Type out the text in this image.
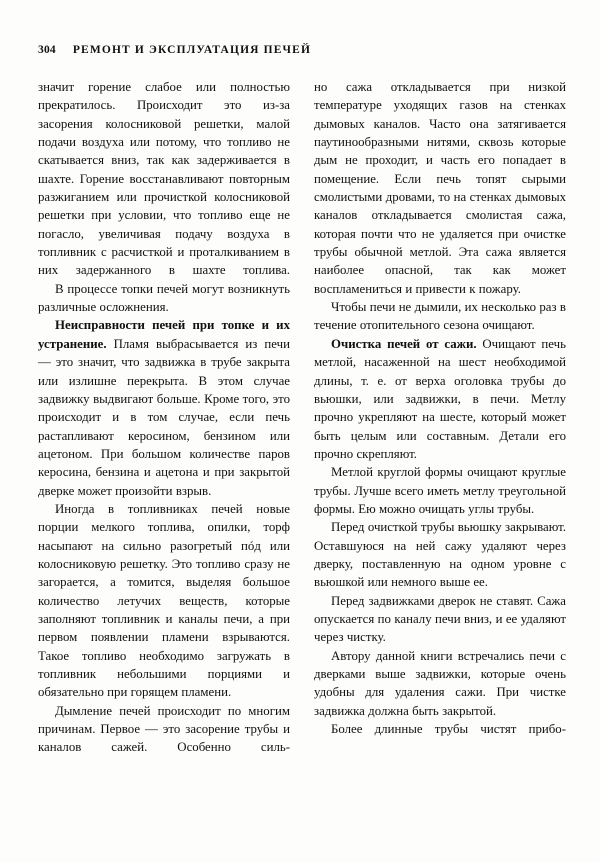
304 РЕМОНТ И ЭКСПЛУАТАЦИЯ ПЕЧЕЙ

значит горение слабое или полностью прекратилось. Происходит это из-за засорения колосниковой решетки, малой подачи воздуха или потому, что топливо не скатывается вниз, так как задерживается в шахте. Горение восстанавливают повторным разжиганием или прочисткой колосниковой решетки при условии, что топливо еще не погасло, увеличивая подачу воздуха в топливник с расчисткой и проталкиванием в них задержанного в шахте топлива.

В процессе топки печей могут возникнуть различные осложнения.

Неисправности печей при топке и их устранение. Пламя выбрасывается из печи — это значит, что задвижка в трубе закрыта или излишне перекрыта. В этом случае задвижку выдвигают больше. Кроме того, это происходит и в том случае, если печь растапливают керосином, бензином или ацетоном. При большом количестве паров керосина, бензина и ацетона и при закрытой дверке может произойти взрыв.

Иногда в топливниках печей новые порции мелкого топлива, опилки, торф насыпают на сильно разогретый пóд или колосниковую решетку. Это топливо сразу не загорается, а томится, выделяя большое количество летучих веществ, которые заполняют топливник и каналы печи, а при первом появлении пламени взрываются. Такое топливо необходимо загружать в топливник небольшими порциями и обязательно при горящем пламени.

Дымление печей происходит по многим причинам. Первое — это засорение трубы и каналов сажей. Особенно силь-

но сажа откладывается при низкой температуре уходящих газов на стенках дымовых каналов. Часто она затягивается паутинообразными нитями, сквозь которые дым не проходит, и часть его попадает в помещение. Если печь топят сырыми смолистыми дровами, то на стенках дымовых каналов откладывается смолистая сажа, которая почти что не удаляется при очистке трубы обычной метлой. Эта сажа является наиболее опасной, так как может воспламениться и привести к пожару.

Чтобы печи не дымили, их несколько раз в течение отопительного сезона очищают.

Очистка печей от сажи. Очищают печь метлой, насаженной на шест необходимой длины, т. е. от верха оголовка трубы до вьюшки, или задвижки, в печи. Метлу прочно укрепляют на шесте, который может быть целым или составным. Детали его прочно скрепляют.

Метлой круглой формы очищают круглые трубы. Лучше всего иметь метлу треугольной формы. Ею можно очищать углы трубы.

Перед очисткой трубы вьюшку закрывают. Оставшуюся на ней сажу удаляют через дверку, поставленную на одном уровне с вьюшкой или немного выше ее.

Перед задвижками дверок не ставят. Сажа опускается по каналу печи вниз, и ее удаляют через чистку.

Автору данной книги встречались печи с дверками выше задвижки, которые очень удобны для удаления сажи. При чистке задвижка должна быть закрытой.

Более длинные трубы чистят прибо-
